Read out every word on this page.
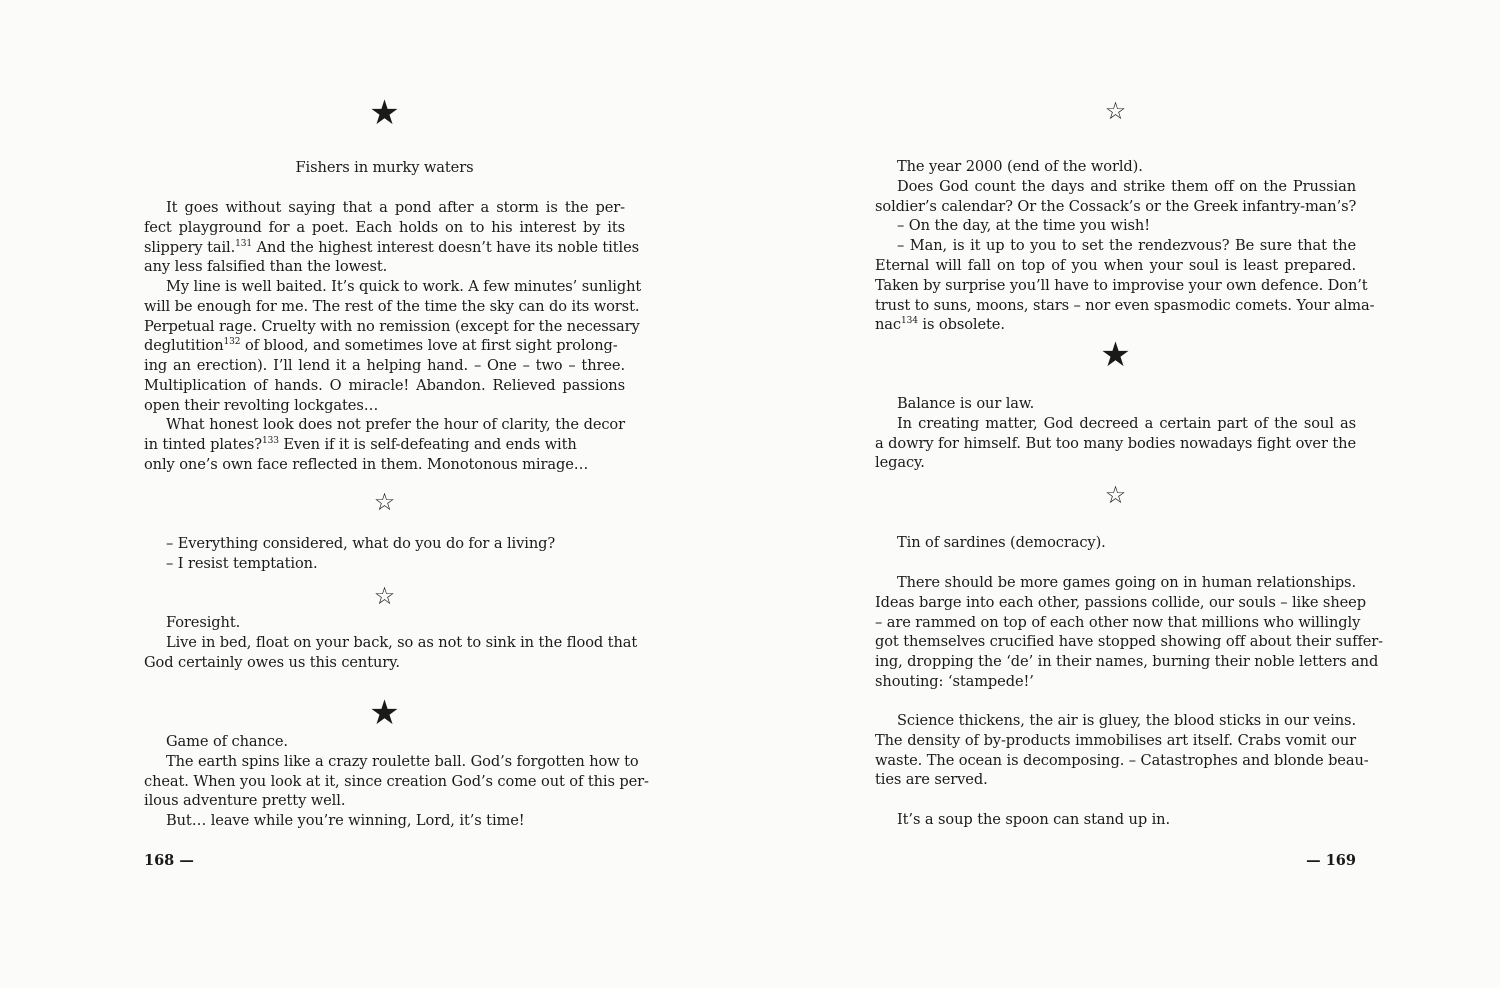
★

Fishers in murky waters

It goes without saying that a pond after a storm is the per-

fect playground for a poet. Each holds on to his interest by its

slippery tail.$^{131}$ And the highest interest doesn’t have its noble titles

any less falsified than the lowest.

My line is well baited. It’s quick to work. A few minutes’ sunlight

will be enough for me. The rest of the time the sky can do its worst.

Perpetual rage. Cruelty with no remission (except for the necessary

deglutition$^{132}$ of blood, and sometimes love at first sight prolong-

ing an erection). I’ll lend it a helping hand. – One – two – three.

Multiplication of hands. O miracle! Abandon. Relieved passions

open their revolting lockgates…

What honest look does not prefer the hour of clarity, the decor

in tinted plates?$^{133}$ Even if it is self-defeating and ends with

only one’s own face reflected in them. Monotonous mirage…

☆

– Everything considered, what do you do for a living?

– I resist temptation.

☆

Foresight.

Live in bed, float on your back, so as not to sink in the flood that

God certainly owes us this century.

★

Game of chance.

The earth spins like a crazy roulette ball. God’s forgotten how to

cheat. When you look at it, since creation God’s come out of this per-

ilous adventure pretty well.

But… leave while you’re winning, Lord, it’s time!

168 —
☆

The year 2000 (end of the world).

Does God count the days and strike them off on the Prussian

soldier’s calendar? Or the Cossack’s or the Greek infantry-man’s?

– On the day, at the time you wish!

– Man, is it up to you to set the rendezvous? Be sure that the

Eternal will fall on top of you when your soul is least prepared.

Taken by surprise you’ll have to improvise your own defence. Don’t

trust to suns, moons, stars – nor even spasmodic comets. Your alma-

nac$^{134}$ is obsolete.

★

Balance is our law.

In creating matter, God decreed a certain part of the soul as

a dowry for himself. But too many bodies nowadays fight over the

legacy.

☆

Tin of sardines (democracy).

There should be more games going on in human relationships.

Ideas barge into each other, passions collide, our souls – like sheep

– are rammed on top of each other now that millions who willingly

got themselves crucified have stopped showing off about their suffer-

ing, dropping the ‘de’ in their names, burning their noble letters and

shouting: ‘stampede!’

Science thickens, the air is gluey, the blood sticks in our veins.

The density of by-products immobilises art itself. Crabs vomit our

waste. The ocean is decomposing. – Catastrophes and blonde beau-

ties are served.

It’s a soup the spoon can stand up in.

— 169
